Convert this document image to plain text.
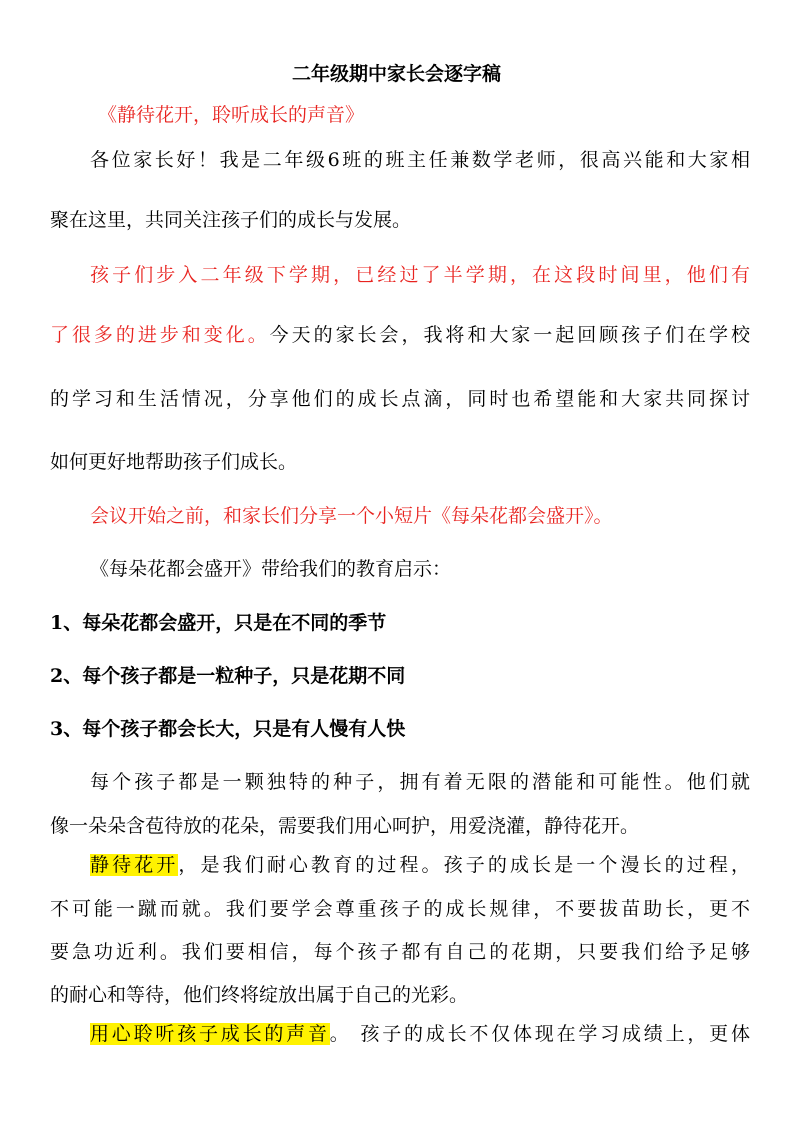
二年级期中家长会逐字稿
《静待花开，聆听成长的声音》
各位家长好！我是二年级6班的班主任兼数学老师，很高兴能和大家相
聚在这里，共同关注孩子们的成长与发展。
孩子们步入二年级下学期，已经过了半学期，在这段时间里，他们有
了很多的进步和变化。今天的家长会，我将和大家一起回顾孩子们在学校
的学习和生活情况，分享他们的成长点滴，同时也希望能和大家共同探讨
如何更好地帮助孩子们成长。
会议开始之前，和家长们分享一个小短片《每朵花都会盛开》。
《每朵花都会盛开》带给我们的教育启示：
1、每朵花都会盛开，只是在不同的季节
2、每个孩子都是一粒种子，只是花期不同
3、每个孩子都会长大，只是有人慢有人快
每个孩子都是一颗独特的种子，拥有着无限的潜能和可能性。他们就
像一朵朵含苞待放的花朵，需要我们用心呵护，用爱浇灌，静待花开。
静待花开，是我们耐心教育的过程。孩子的成长是一个漫长的过程，
不可能一蹴而就。我们要学会尊重孩子的成长规律，不要拔苗助长，更不
要急功近利。我们要相信，每个孩子都有自己的花期，只要我们给予足够
的耐心和等待，他们终将绽放出属于自己的光彩。
用心聆听孩子成长的声音。 孩子的成长不仅体现在学习成绩上，更体
